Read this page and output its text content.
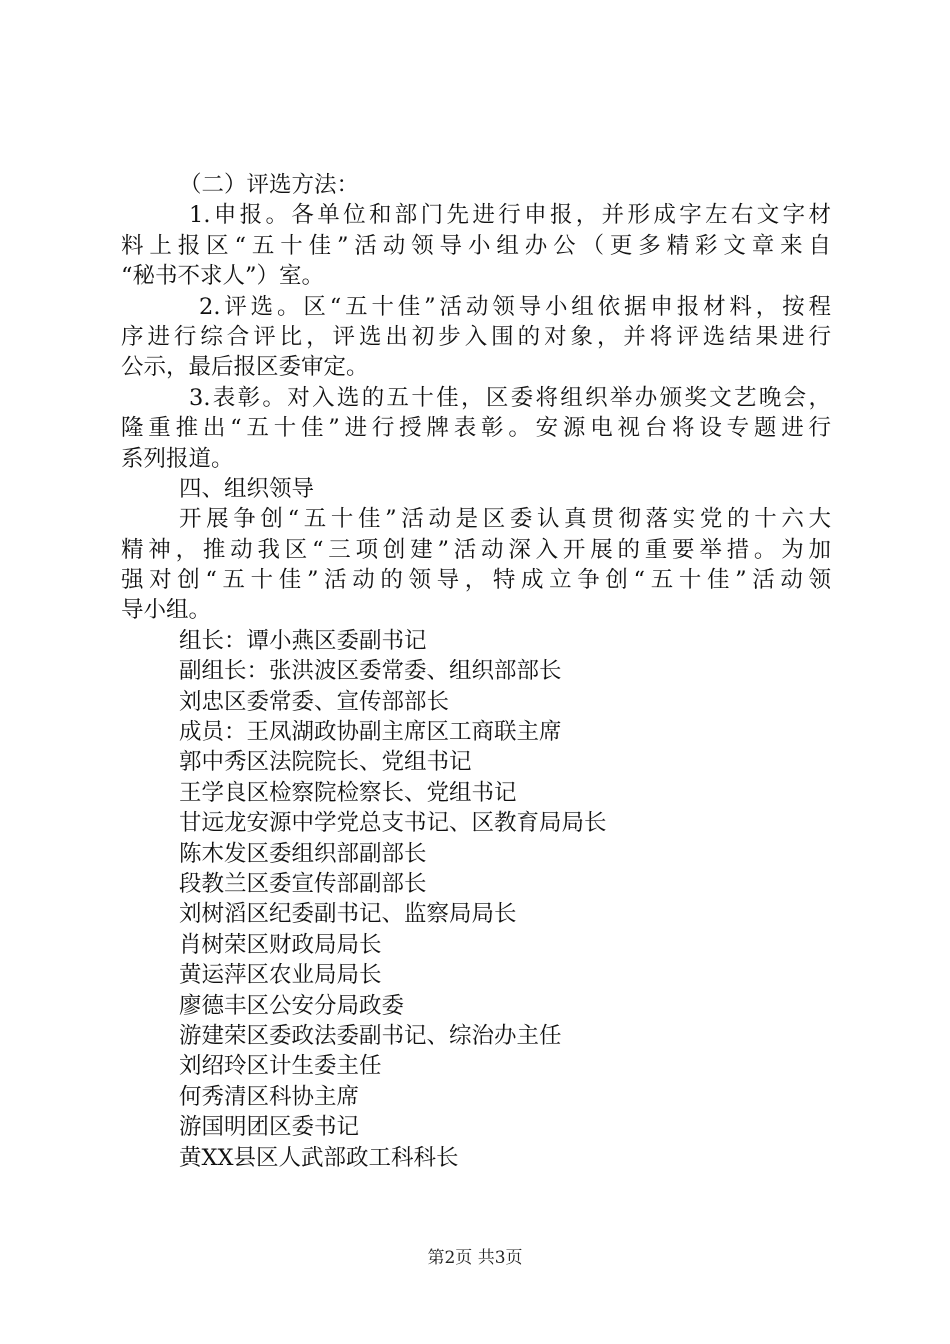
（二）评选方法：
1.申报。各单位和部门先进行申报，并形成字左右文字材
料上报区“五十佳”活动领导小组办公（更多精彩文章来自
“秘书不求人”）室。
2.评选。区“五十佳”活动领导小组依据申报材料，按程
序进行综合评比，评选出初步入围的对象，并将评选结果进行
公示，最后报区委审定。
3.表彰。对入选的五十佳，区委将组织举办颁奖文艺晚会，
隆重推出“五十佳”进行授牌表彰。安源电视台将设专题进行
系列报道。
四、组织领导
开展争创“五十佳”活动是区委认真贯彻落实党的十六大
精神，推动我区“三项创建”活动深入开展的重要举措。为加
强对创“五十佳”活动的领导，特成立争创“五十佳”活动领
导小组。
组长：谭小燕区委副书记
副组长：张洪波区委常委、组织部部长
刘忠区委常委、宣传部部长
成员：王凤湖政协副主席区工商联主席
郭中秀区法院院长、党组书记
王学良区检察院检察长、党组书记
甘远龙安源中学党总支书记、区教育局局长
陈木发区委组织部副部长
段教兰区委宣传部副部长
刘树滔区纪委副书记、监察局局长
肖树荣区财政局局长
黄运萍区农业局局长
廖德丰区公安分局政委
游建荣区委政法委副书记、综治办主任
刘绍玲区计生委主任
何秀清区科协主席
游国明团区委书记
黄XX县区人武部政工科科长
第2页 共3页
